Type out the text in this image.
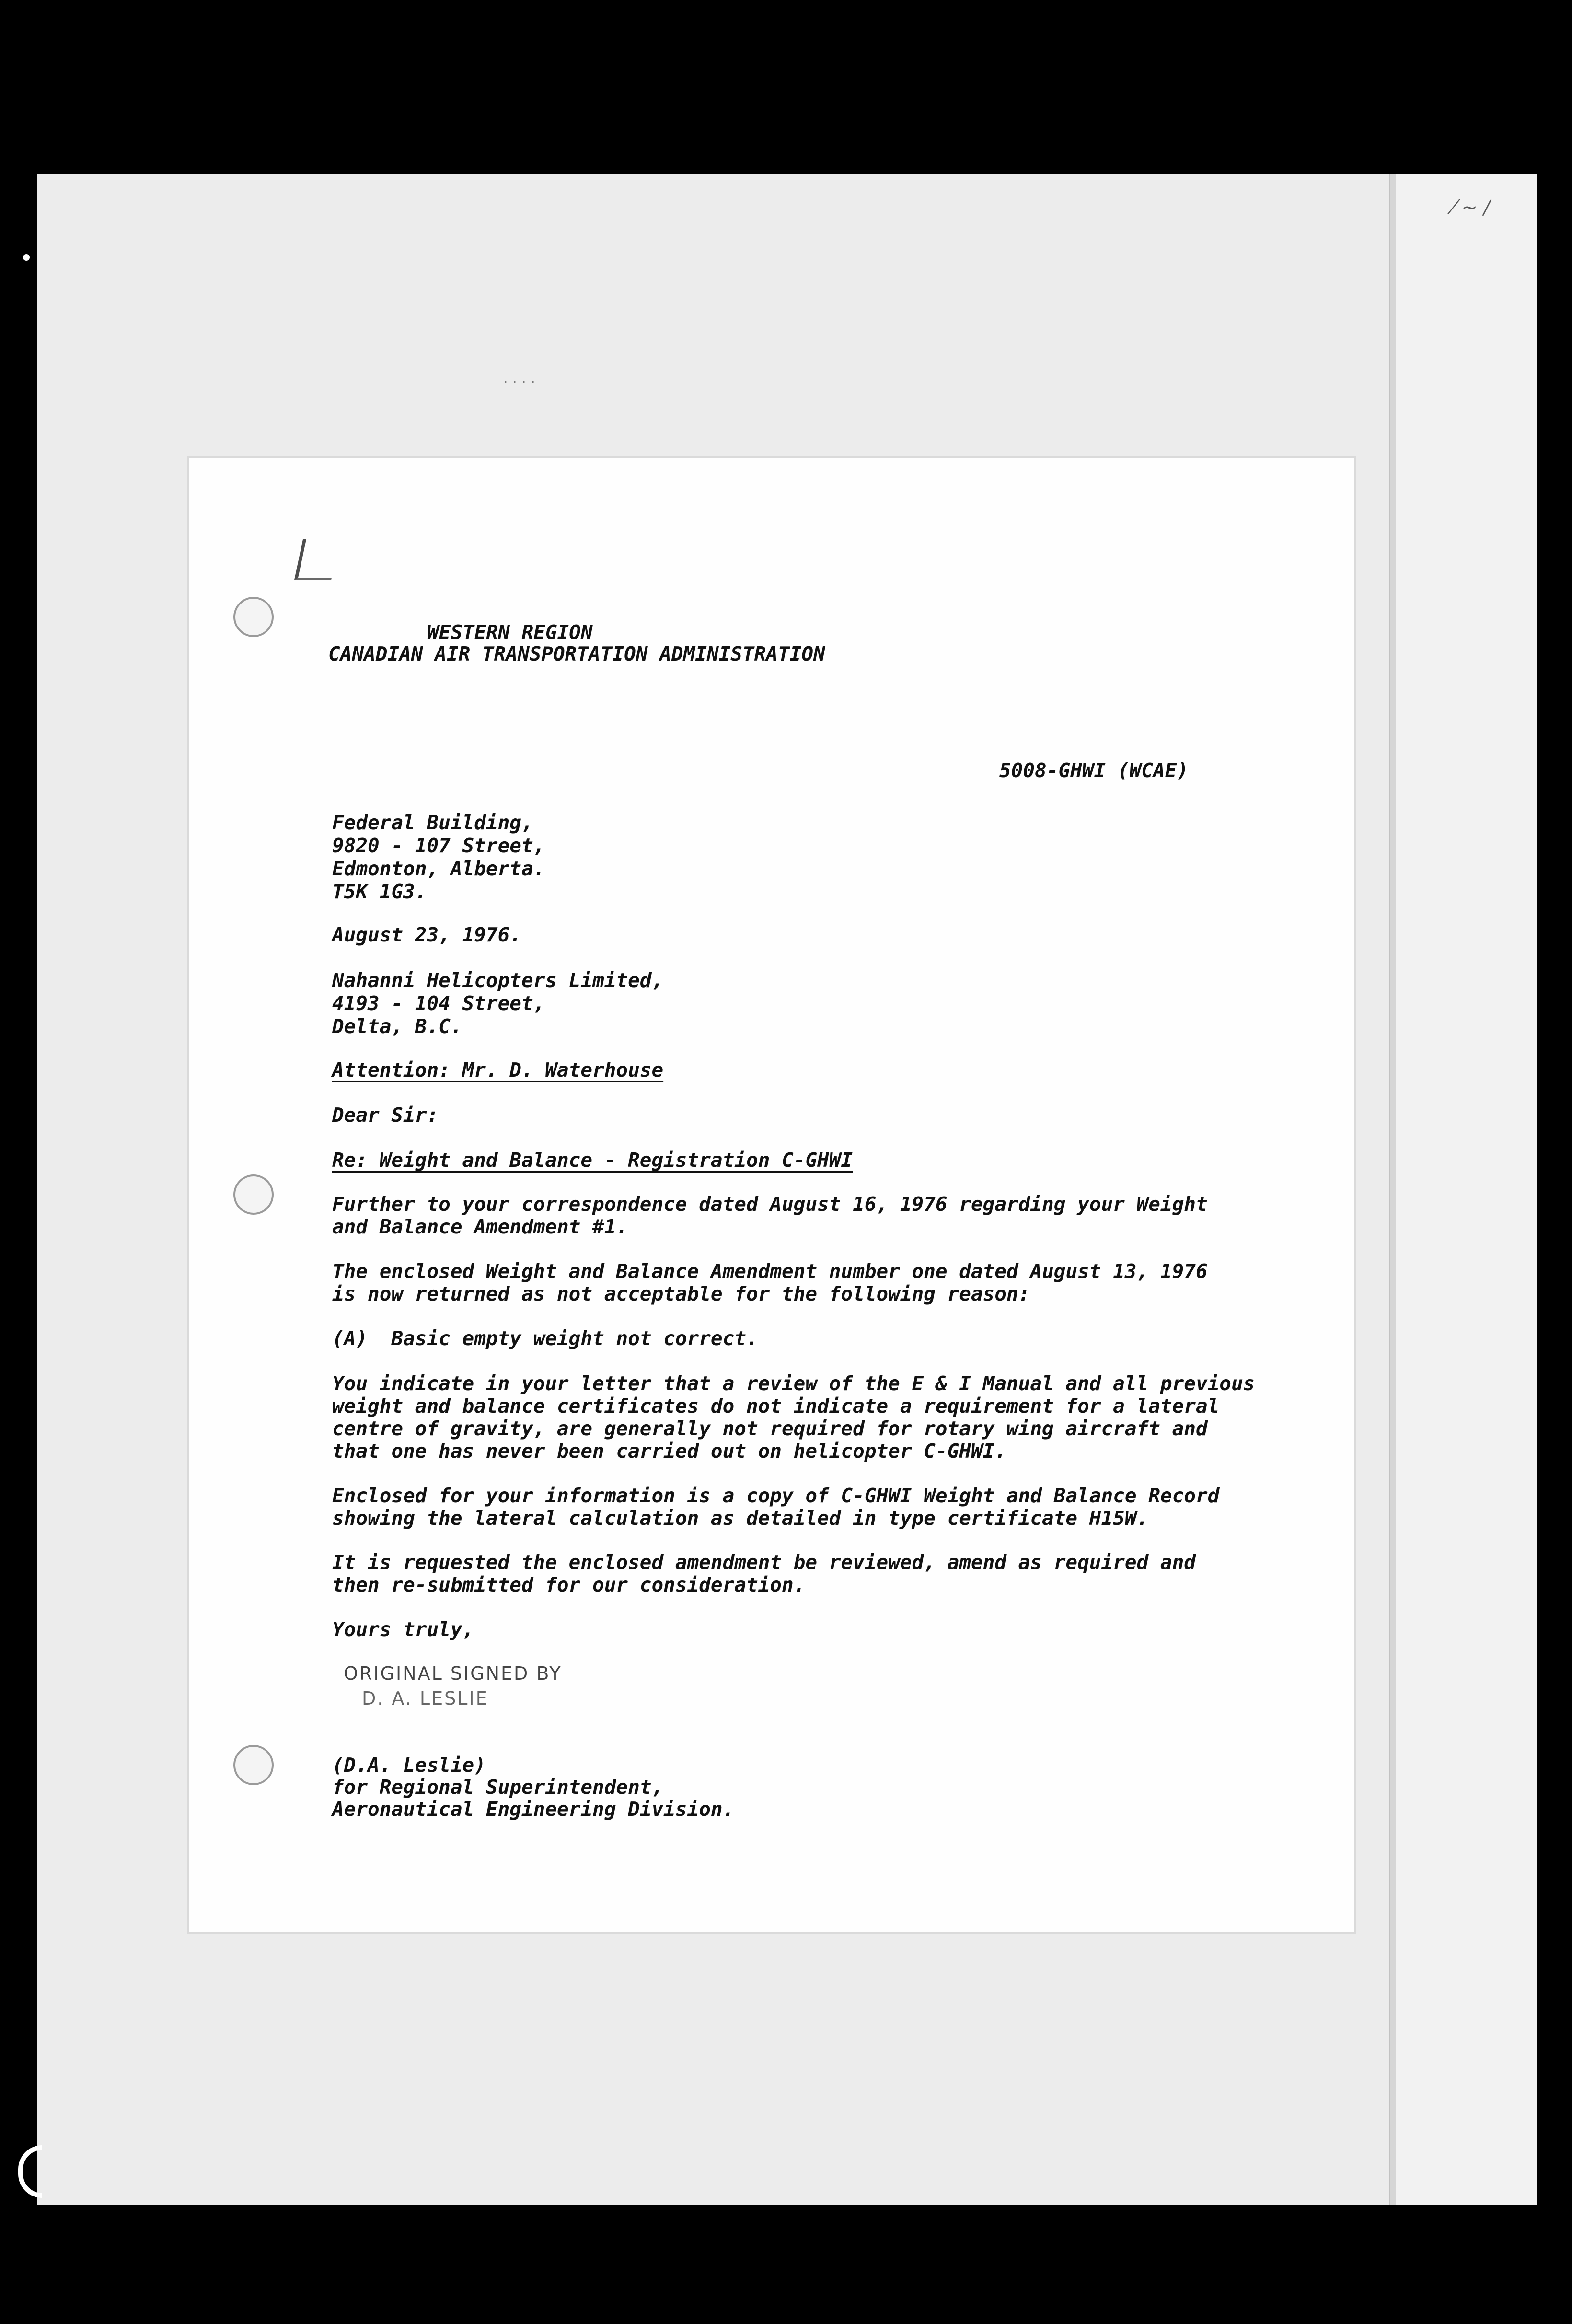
⁄ ~ ∕
· · · ·
WESTERN REGION
CANADIAN AIR TRANSPORTATION ADMINISTRATION
5008-GHWI (WCAE)
Federal Building,
9820 - 107 Street,
Edmonton, Alberta.
T5K 1G3.
August 23, 1976.
Nahanni Helicopters Limited,
4193 - 104 Street,
Delta, B.C.
Attention: Mr. D. Waterhouse
Dear Sir:
Re: Weight and Balance - Registration C-GHWI
Further to your correspondence dated August 16, 1976 regarding your Weight
and Balance Amendment #1.
The enclosed Weight and Balance Amendment number one dated August 13, 1976
is now returned as not acceptable for the following reason:
(A)  Basic empty weight not correct.
You indicate in your letter that a review of the E & I Manual and all previous
weight and balance certificates do not indicate a requirement for a lateral
centre of gravity, are generally not required for rotary wing aircraft and
that one has never been carried out on helicopter C-GHWI.
Enclosed for your information is a copy of C-GHWI Weight and Balance Record
showing the lateral calculation as detailed in type certificate H15W.
It is requested the enclosed amendment be reviewed, amend as required and
then re-submitted for our consideration.
Yours truly,
(D.A. Leslie)
for Regional Superintendent,
Aeronautical Engineering Division.
ORIGINAL SIGNED BY
D. A. LESLIE
